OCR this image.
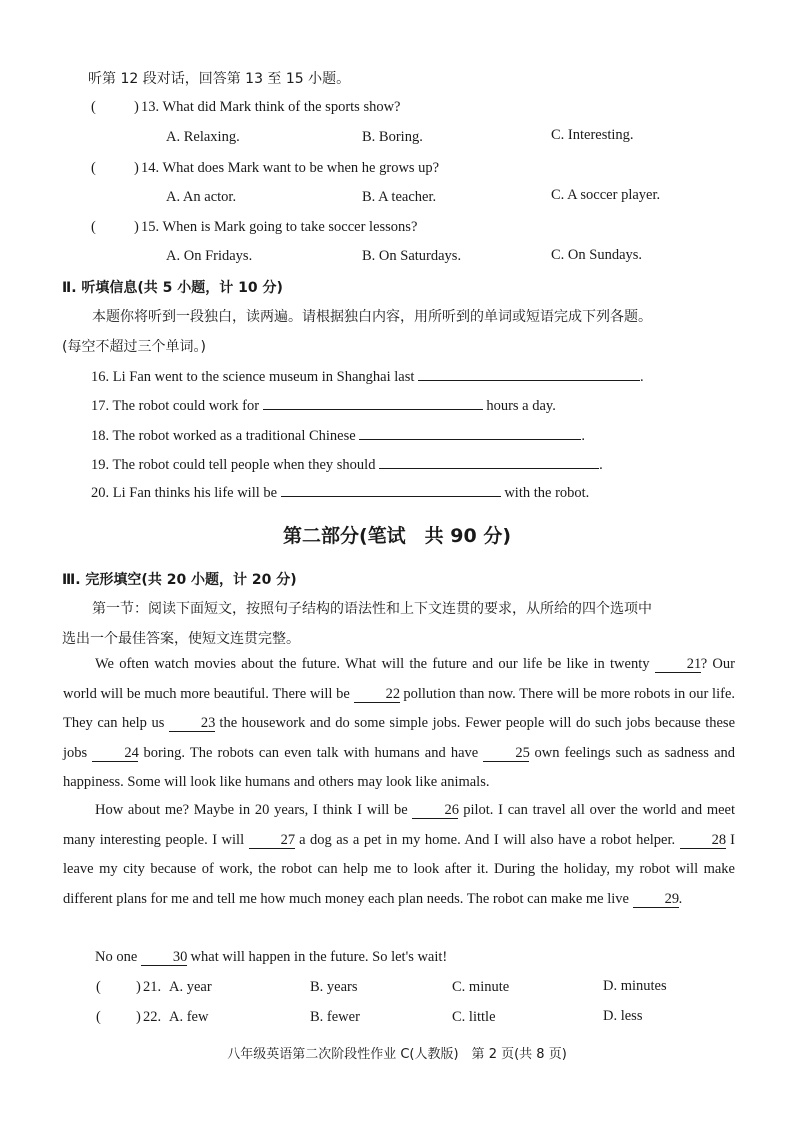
听第 12 段对话，回答第 13 至 15 小题。
(	) 13. What did Mark think of the sports show?
A. Relaxing.	B. Boring.	C. Interesting.
(	) 14. What does Mark want to be when he grows up?
A. An actor.	B. A teacher.	C. A soccer player.
(	) 15. When is Mark going to take soccer lessons?
A. On Fridays.	B. On Saturdays.	C. On Sundays.
Ⅱ. 听填信息(共 5 小题，计 10 分)
本题你将听到一段独白，读两遍。请根据独白内容，用所听到的单词或短语完成下列各题。
(每空不超过三个单词。)
16. Li Fan went to the science museum in Shanghai last	.
17. The robot could work for	hours a day.
18. The robot worked as a traditional Chinese	.
19. The robot could tell people when they should	.
20. Li Fan thinks his life will be	with the robot.
第二部分(笔试　共 90 分)
Ⅲ. 完形填空(共 20 小题，计 20 分)
第一节：阅读下面短文，按照句子结构的语法性和上下文连贯的要求，从所给的四个选项中
选出一个最佳答案，使短文连贯完整。
We often watch movies about the future. What will the future and our life be like in twenty 21? Our world will be much more beautiful. There will be 22 pollution than now. There will be more robots in our life. They can help us 23 the housework and do some simple jobs. Fewer people will do such jobs because these jobs 24 boring. The robots can even talk with humans and have 25 own feelings such as sadness and happiness. Some will look like humans and others may look like animals.
How about me? Maybe in 20 years, I think I will be 26 pilot. I can travel all over the world and meet many interesting people. I will 27 a dog as a pet in my home. And I will also have a robot helper. 28 I leave my city because of work, the robot can help me to look after it. During the holiday, my robot will make different plans for me and tell me how much money each plan needs. The robot can make me live 29.
No one 30 what will happen in the future. So let's wait!
( ) 21. A. year	B. years	C. minute	D. minutes
( ) 22. A. few	B. fewer	C. little	D. less
八年级英语第二次阶段性作业 C(人教版)　第 2 页(共 8 页)
